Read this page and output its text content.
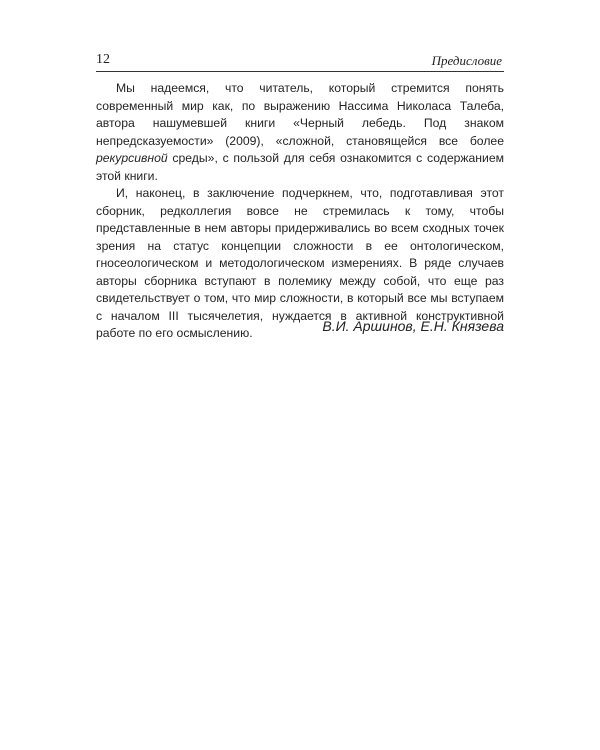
12	Предисловие

Мы надеемся, что читатель, который стремится понять современный мир как, по выражению Нассима Николаса Талеба, автора нашумевшей книги «Черный лебедь. Под знаком непредсказуемости» (2009), «сложной, становящейся все более рекурсивной среды», с пользой для себя ознакомится с содержанием этой книги.

И, наконец, в заключение подчеркнем, что, подготавливая этот сборник, редколлегия вовсе не стремилась к тому, чтобы представленные в нем авторы придерживались во всем сходных точек зрения на статус концепции сложности в ее онтологическом, гносеологическом и методологическом измерениях. В ряде случаев авторы сборника вступают в полемику между собой, что еще раз свидетельствует о том, что мир сложности, в который все мы вступаем с началом III тысячелетия, нуждается в активной конструктивной работе по его осмыслению.	В.И. Аршинов, Е.Н. Князева
